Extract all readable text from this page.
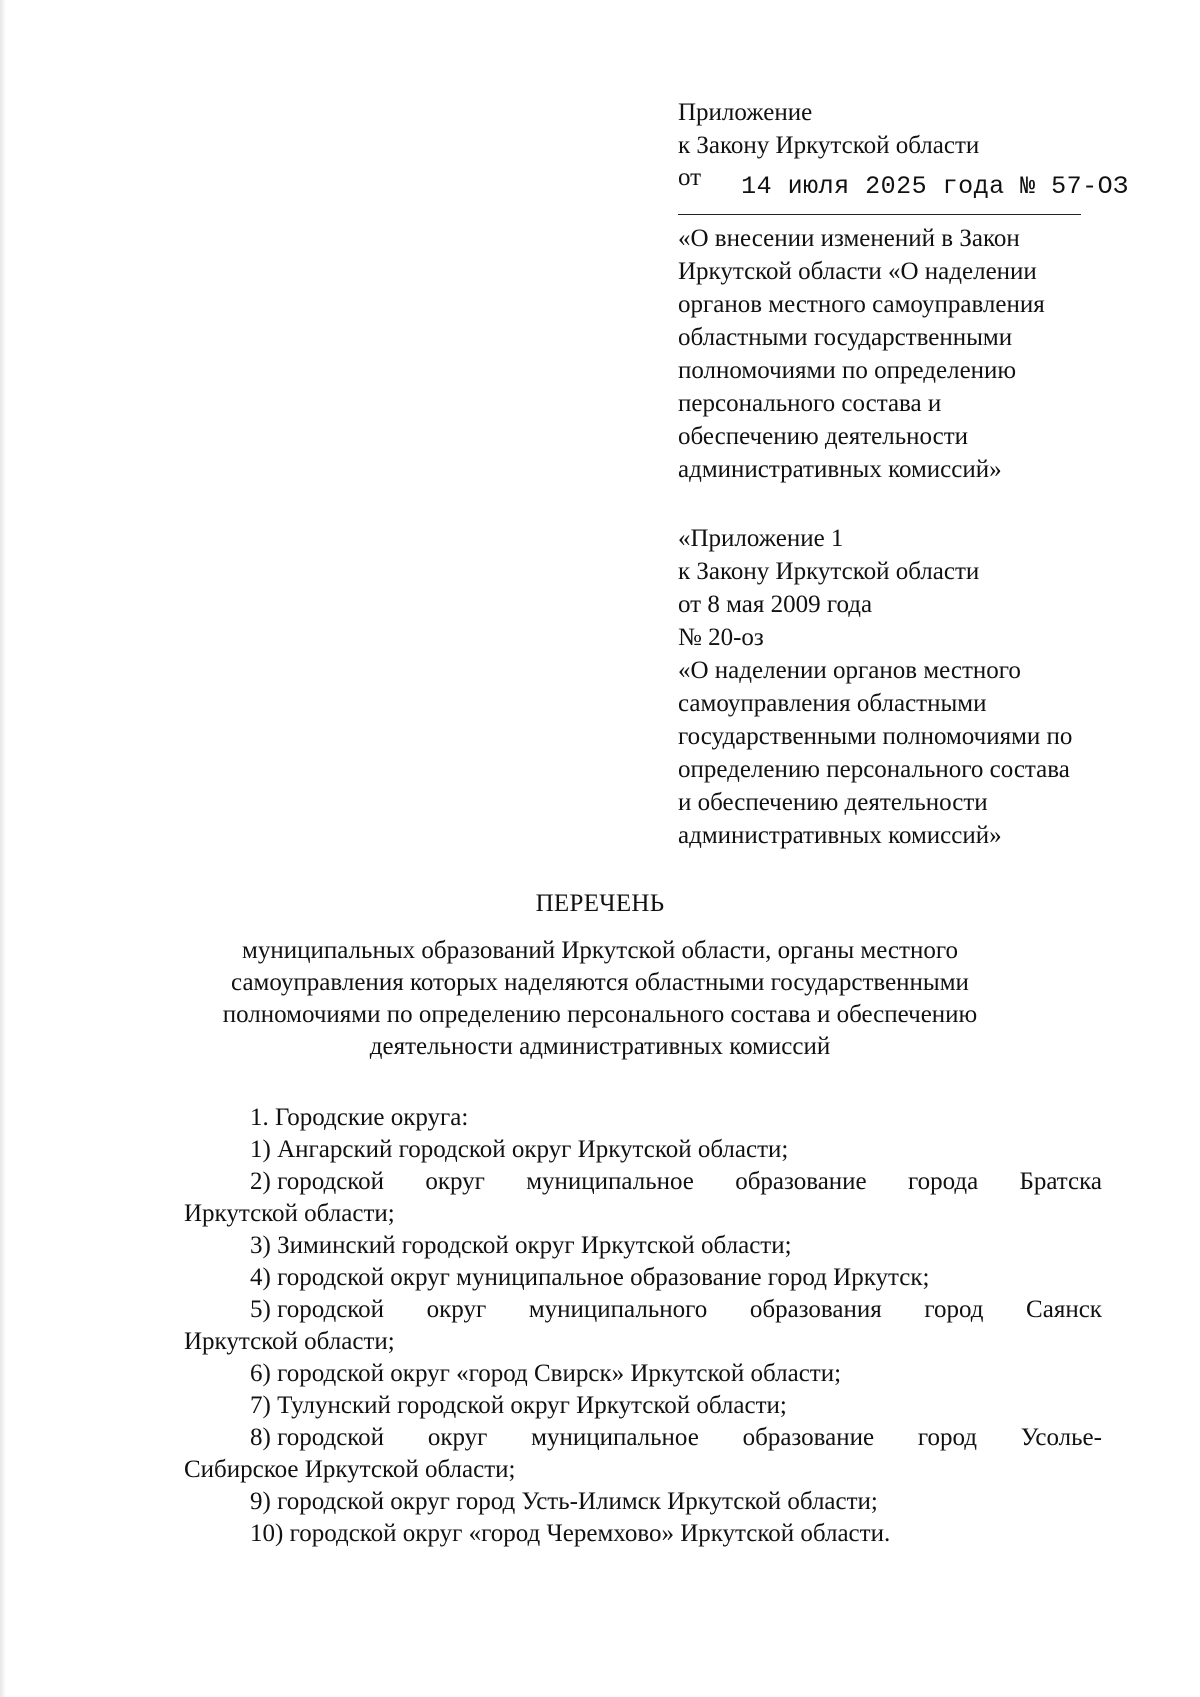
Приложение

к Закону Иркутской области

от 14 июля 2025 года № 57-ОЗ

«О внесении изменений в Закон

Иркутской области «О наделении

органов местного самоуправления

областными государственными

полномочиями по определению

персонального состава и

обеспечению деятельности

административных комиссий»

«Приложение 1

к Закону Иркутской области

от 8 мая 2009 года

№ 20-оз

«О наделении органов местного

самоуправления областными

государственными полномочиями по

определению персонального состава

и обеспечению деятельности

административных комиссий»

ПЕРЕЧЕНЬ

муниципальных образований Иркутской области, органы местного

самоуправления которых наделяются областными государственными

полномочиями по определению персонального состава и обеспечению

деятельности административных комиссий

1. Городские округа:

1) Ангарский городской округ Иркутской области;

2) городской округ муниципальное образование города Братска

Иркутской области;

3) Зиминский городской округ Иркутской области;

4) городской округ муниципальное образование город Иркутск;

5) городской округ муниципального образования город Саянск

Иркутской области;

6) городской округ «город Свирск» Иркутской области;

7) Тулунский городской округ Иркутской области;

8) городской округ муниципальное образование город Усолье-

Сибирское Иркутской области;

9) городской округ город Усть-Илимск Иркутской области;

10) городской округ «город Черемхово» Иркутской области.
